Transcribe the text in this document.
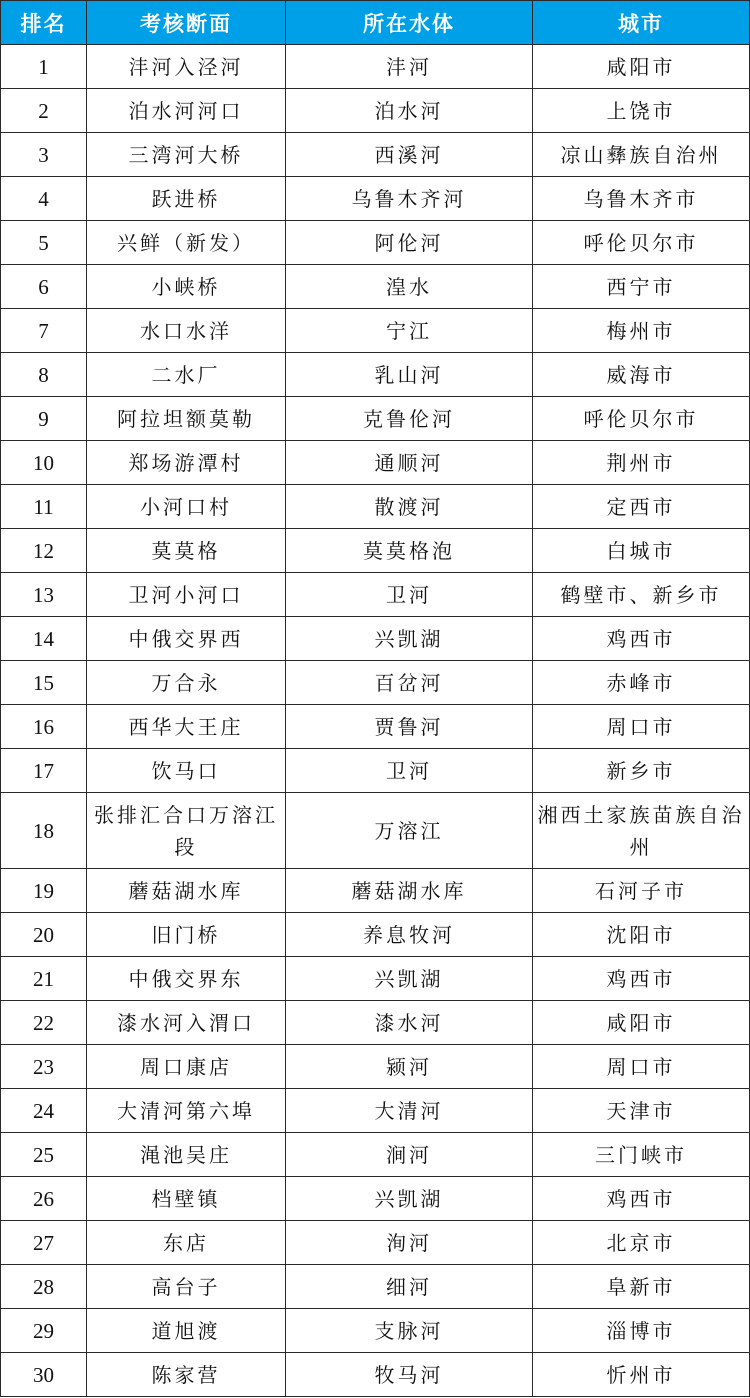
排名	考核断面	所在水体	城市
1	沣河入泾河	沣河	咸阳市
2	泊水河河口	泊水河	上饶市
3	三湾河大桥	西溪河	凉山彝族自治州
4	跃进桥	乌鲁木齐河	乌鲁木齐市
5	兴鲜（新发）	阿伦河	呼伦贝尔市
6	小峡桥	湟水	西宁市
7	水口水洋	宁江	梅州市
8	二水厂	乳山河	威海市
9	阿拉坦额莫勒	克鲁伦河	呼伦贝尔市
10	郑场游潭村	通顺河	荆州市
11	小河口村	散渡河	定西市
12	莫莫格	莫莫格泡	白城市
13	卫河小河口	卫河	鹤壁市、新乡市
14	中俄交界西	兴凯湖	鸡西市
15	万合永	百岔河	赤峰市
16	西华大王庄	贾鲁河	周口市
17	饮马口	卫河	新乡市
18	张排汇合口万溶江段	万溶江	湘西土家族苗族自治州
19	蘑菇湖水库	蘑菇湖水库	石河子市
20	旧门桥	养息牧河	沈阳市
21	中俄交界东	兴凯湖	鸡西市
22	漆水河入渭口	漆水河	咸阳市
23	周口康店	颍河	周口市
24	大清河第六埠	大清河	天津市
25	渑池吴庄	涧河	三门峡市
26	档壁镇	兴凯湖	鸡西市
27	东店	洵河	北京市
28	高台子	细河	阜新市
29	道旭渡	支脉河	淄博市
30	陈家营	牧马河	忻州市
